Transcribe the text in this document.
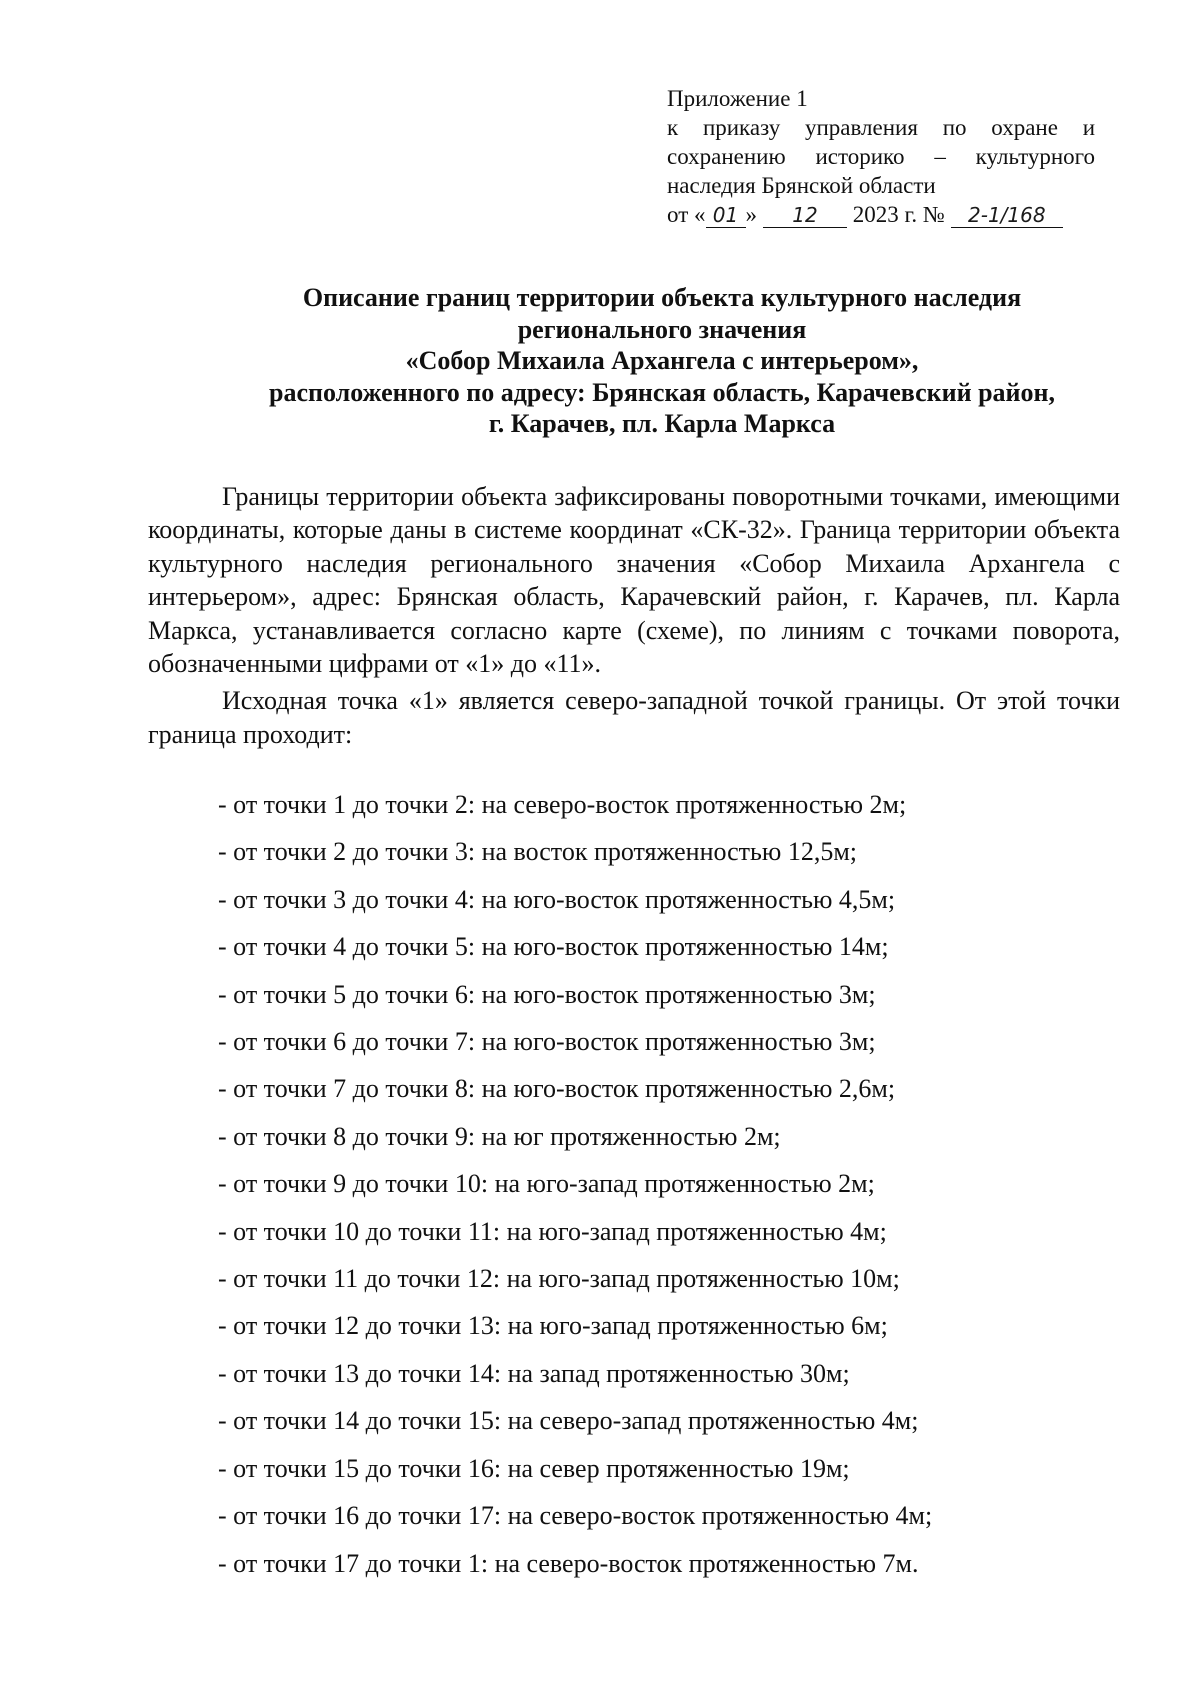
Приложение 1
к приказу управления по охране и
сохранению историко – культурного
наследия Брянской области
от « 01 » 12 2023 г. № 2-1/168
Описание границ территории объекта культурного наследия
регионального значения
«Собор Михаила Архангела с интерьером»,
расположенного по адресу: Брянская область, Карачевский район,
г. Карачев, пл. Карла Маркса

Границы территории объекта зафиксированы поворотными точками, имеющими координаты, которые даны в системе координат «СК-32». Граница территории объекта культурного наследия регионального значения «Собор Михаила Архангела с интерьером», адрес: Брянская область, Карачевский район, г. Карачев, пл. Карла Маркса, устанавливается согласно карте (схеме), по линиям с точками поворота, обозначенными цифрами от «1» до «11».

Исходная точка «1» является северо-западной точкой границы. От этой точки граница проходит:

- от точки 1 до точки 2: на северо-восток протяженностью 2м;
- от точки 2 до точки 3: на восток протяженностью 12,5м;
- от точки 3 до точки 4: на юго-восток протяженностью 4,5м;
- от точки 4 до точки 5: на юго-восток протяженностью 14м;
- от точки 5 до точки 6: на юго-восток протяженностью 3м;
- от точки 6 до точки 7: на юго-восток протяженностью 3м;
- от точки 7 до точки 8: на юго-восток протяженностью 2,6м;
- от точки 8 до точки 9: на юг протяженностью 2м;
- от точки 9 до точки 10: на юго-запад протяженностью 2м;
- от точки 10 до точки 11: на юго-запад протяженностью 4м;
- от точки 11 до точки 12: на юго-запад протяженностью 10м;
- от точки 12 до точки 13: на юго-запад протяженностью 6м;
- от точки 13 до точки 14: на запад протяженностью 30м;
- от точки 14 до точки 15: на северо-запад протяженностью 4м;
- от точки 15 до точки 16: на север протяженностью 19м;
- от точки 16 до точки 17: на северо-восток протяженностью 4м;
- от точки 17 до точки 1: на северо-восток протяженностью 7м.
